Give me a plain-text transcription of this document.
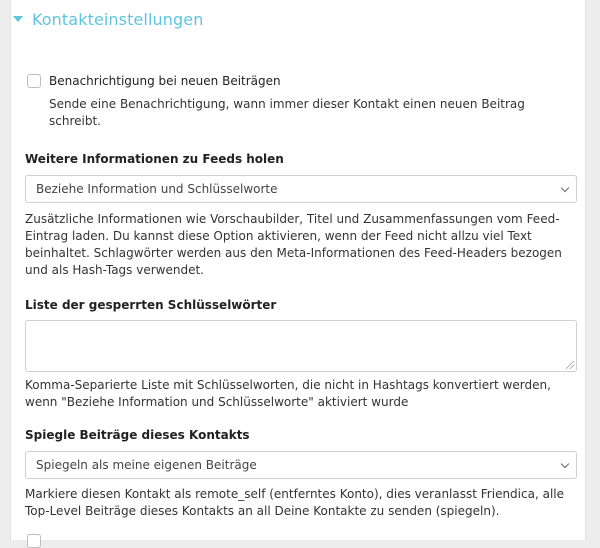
Kontakteinstellungen
Benachrichtigung bei neuen Beiträgen
Sende eine Benachrichtigung, wann immer dieser Kontakt einen neuen Beitrag
schreibt.
Weitere Informationen zu Feeds holen
Beziehe Information und Schlüsselworte
Zusätzliche Informationen wie Vorschaubilder, Titel und Zusammenfassungen vom Feed-
Eintrag laden. Du kannst diese Option aktivieren, wenn der Feed nicht allzu viel Text
beinhaltet. Schlagwörter werden aus den Meta-Informationen des Feed-Headers bezogen
und als Hash-Tags verwendet.
Liste der gesperrten Schlüsselwörter
Komma-Separierte Liste mit Schlüsselworten, die nicht in Hashtags konvertiert werden,
wenn "Beziehe Information und Schlüsselworte" aktiviert wurde
Spiegle Beiträge dieses Kontakts
Spiegeln als meine eigenen Beiträge
Markiere diesen Kontakt als remote_self (entferntes Konto), dies veranlasst Friendica, alle
Top-Level Beiträge dieses Kontakts an all Deine Kontakte zu senden (spiegeln).
